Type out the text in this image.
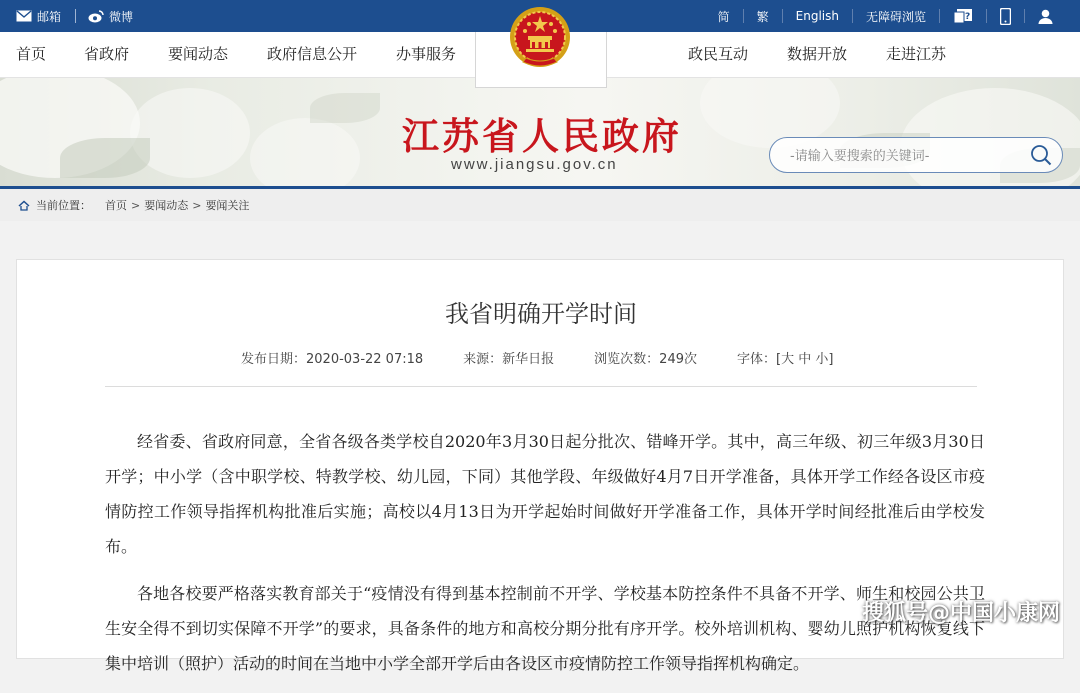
邮箱	微博	简 繁 English 无障碍浏览	?
首页	省政府	要闻动态	政府信息公开	办事服务	政民互动	数据开放	走进江苏
江苏省人民政府
www.jiangsu.gov.cn
-请输入要搜索的关键词-
当前位置： 首页 > 要闻动态 > 要闻关注
我省明确开学时间
发布日期：2020-03-22 07:18	来源：新华日报	浏览次数：249次	字体：[大 中 小]

经省委、省政府同意，全省各级各类学校自2020年3月30日起分批次、错峰开学。其中，高三年级、初三年级3月30日开学；中小学（含中职学校、特教学校、幼儿园，下同）其他学段、年级做好4月7日开学准备，具体开学工作经各设区市疫情防控工作领导指挥机构批准后实施；高校以4月13日为开学起始时间做好开学准备工作，具体开学时间经批准后由学校发布。

各地各校要严格落实教育部关于“疫情没有得到基本控制前不开学、学校基本防控条件不具备不开学、师生和校园公共卫生安全得不到切实保障不开学”的要求，具备条件的地方和高校分期分批有序开学。校外培训机构、婴幼儿照护机构恢复线下集中培训（照护）活动的时间在当地中小学全部开学后由各设区市疫情防控工作领导指挥机构确定。

搜狐号@中国小康网
